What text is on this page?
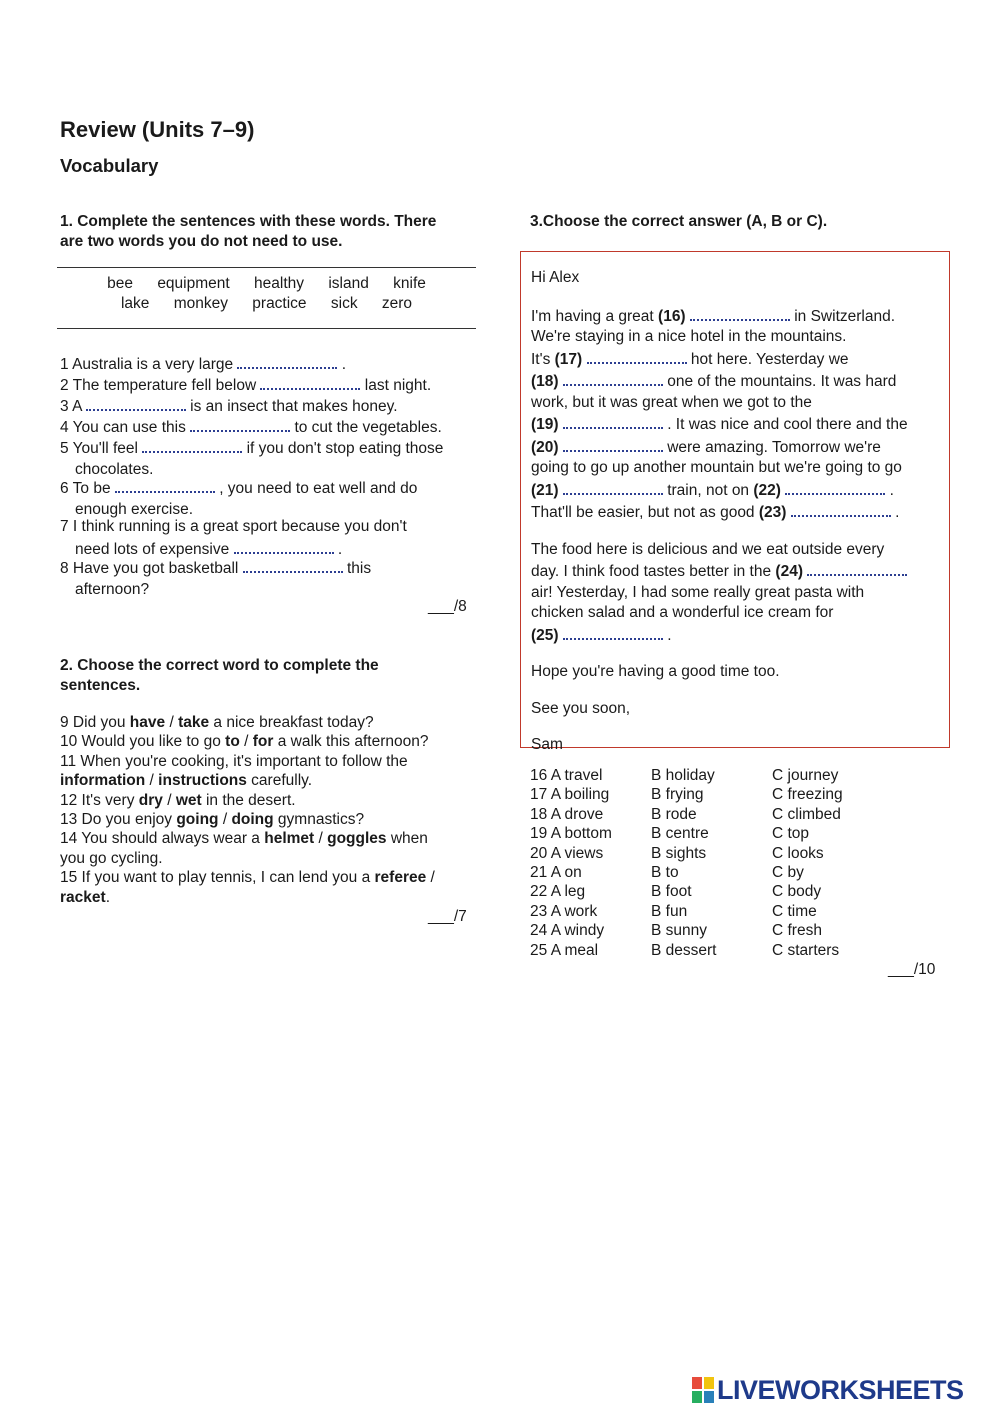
Review (Units 7–9)
Vocabulary
1. Complete the sentences with these words. There
are two words you do not need to use.
bee equipment healthy island knife
lake monkey practice sick zero
1 Australia is a very large	.
2 The temperature fell below	last night.
3 A	is an insect that makes honey.
4 You can use this	to cut the vegetables.
5 You'll feel	if you don't stop eating those
chocolates.
6 To be	, you need to eat well and do
enough exercise.
7 I think running is a great sport because you don't
need lots of expensive	.
8 Have you got basketball	this
afternoon?
___/8
2. Choose the correct word to complete the
sentences.
9 Did you have / take a nice breakfast today?
10 Would you like to go to / for a walk this afternoon?
11 When you're cooking, it's important to follow the
information / instructions carefully.
12 It's very dry / wet in the desert.
13 Do you enjoy going / doing gymnastics?
14 You should always wear a helmet / goggles when
you go cycling.
15 If you want to play tennis, I can lend you a referee /
racket.
___/7
3.Choose the correct answer (A, B or C).

Hi Alex

I'm having a great (16)	in Switzerland.
We're staying in a nice hotel in the mountains.
It's (17)	hot here. Yesterday we
(18)	one of the mountains. It was hard
work, but it was great when we got to the
(19)	. It was nice and cool there and the
(20)	were amazing. Tomorrow we're
going to go up another mountain but we're going to go
(21)	train, not on (22)	.
That'll be easier, but not as good (23)	.

The food here is delicious and we eat outside every
day. I think food tastes better in the (24)
air! Yesterday, I had some really great pasta with
chicken salad and a wonderful ice cream for
(25)	.

Hope you're having a good time too.

See you soon,

Sam

16 A travel	B holiday	C journey
17 A boiling	B frying	C freezing
18 A drove	B rode	C climbed
19 A bottom	B centre	C top
20 A views	B sights	C looks
21 A on	B to	C by
22 A leg	B foot	C body
23 A work	B fun	C time
24 A windy	B sunny	C fresh
25 A meal	B dessert	C starters
___/10
LIVEWORKSHEETS
